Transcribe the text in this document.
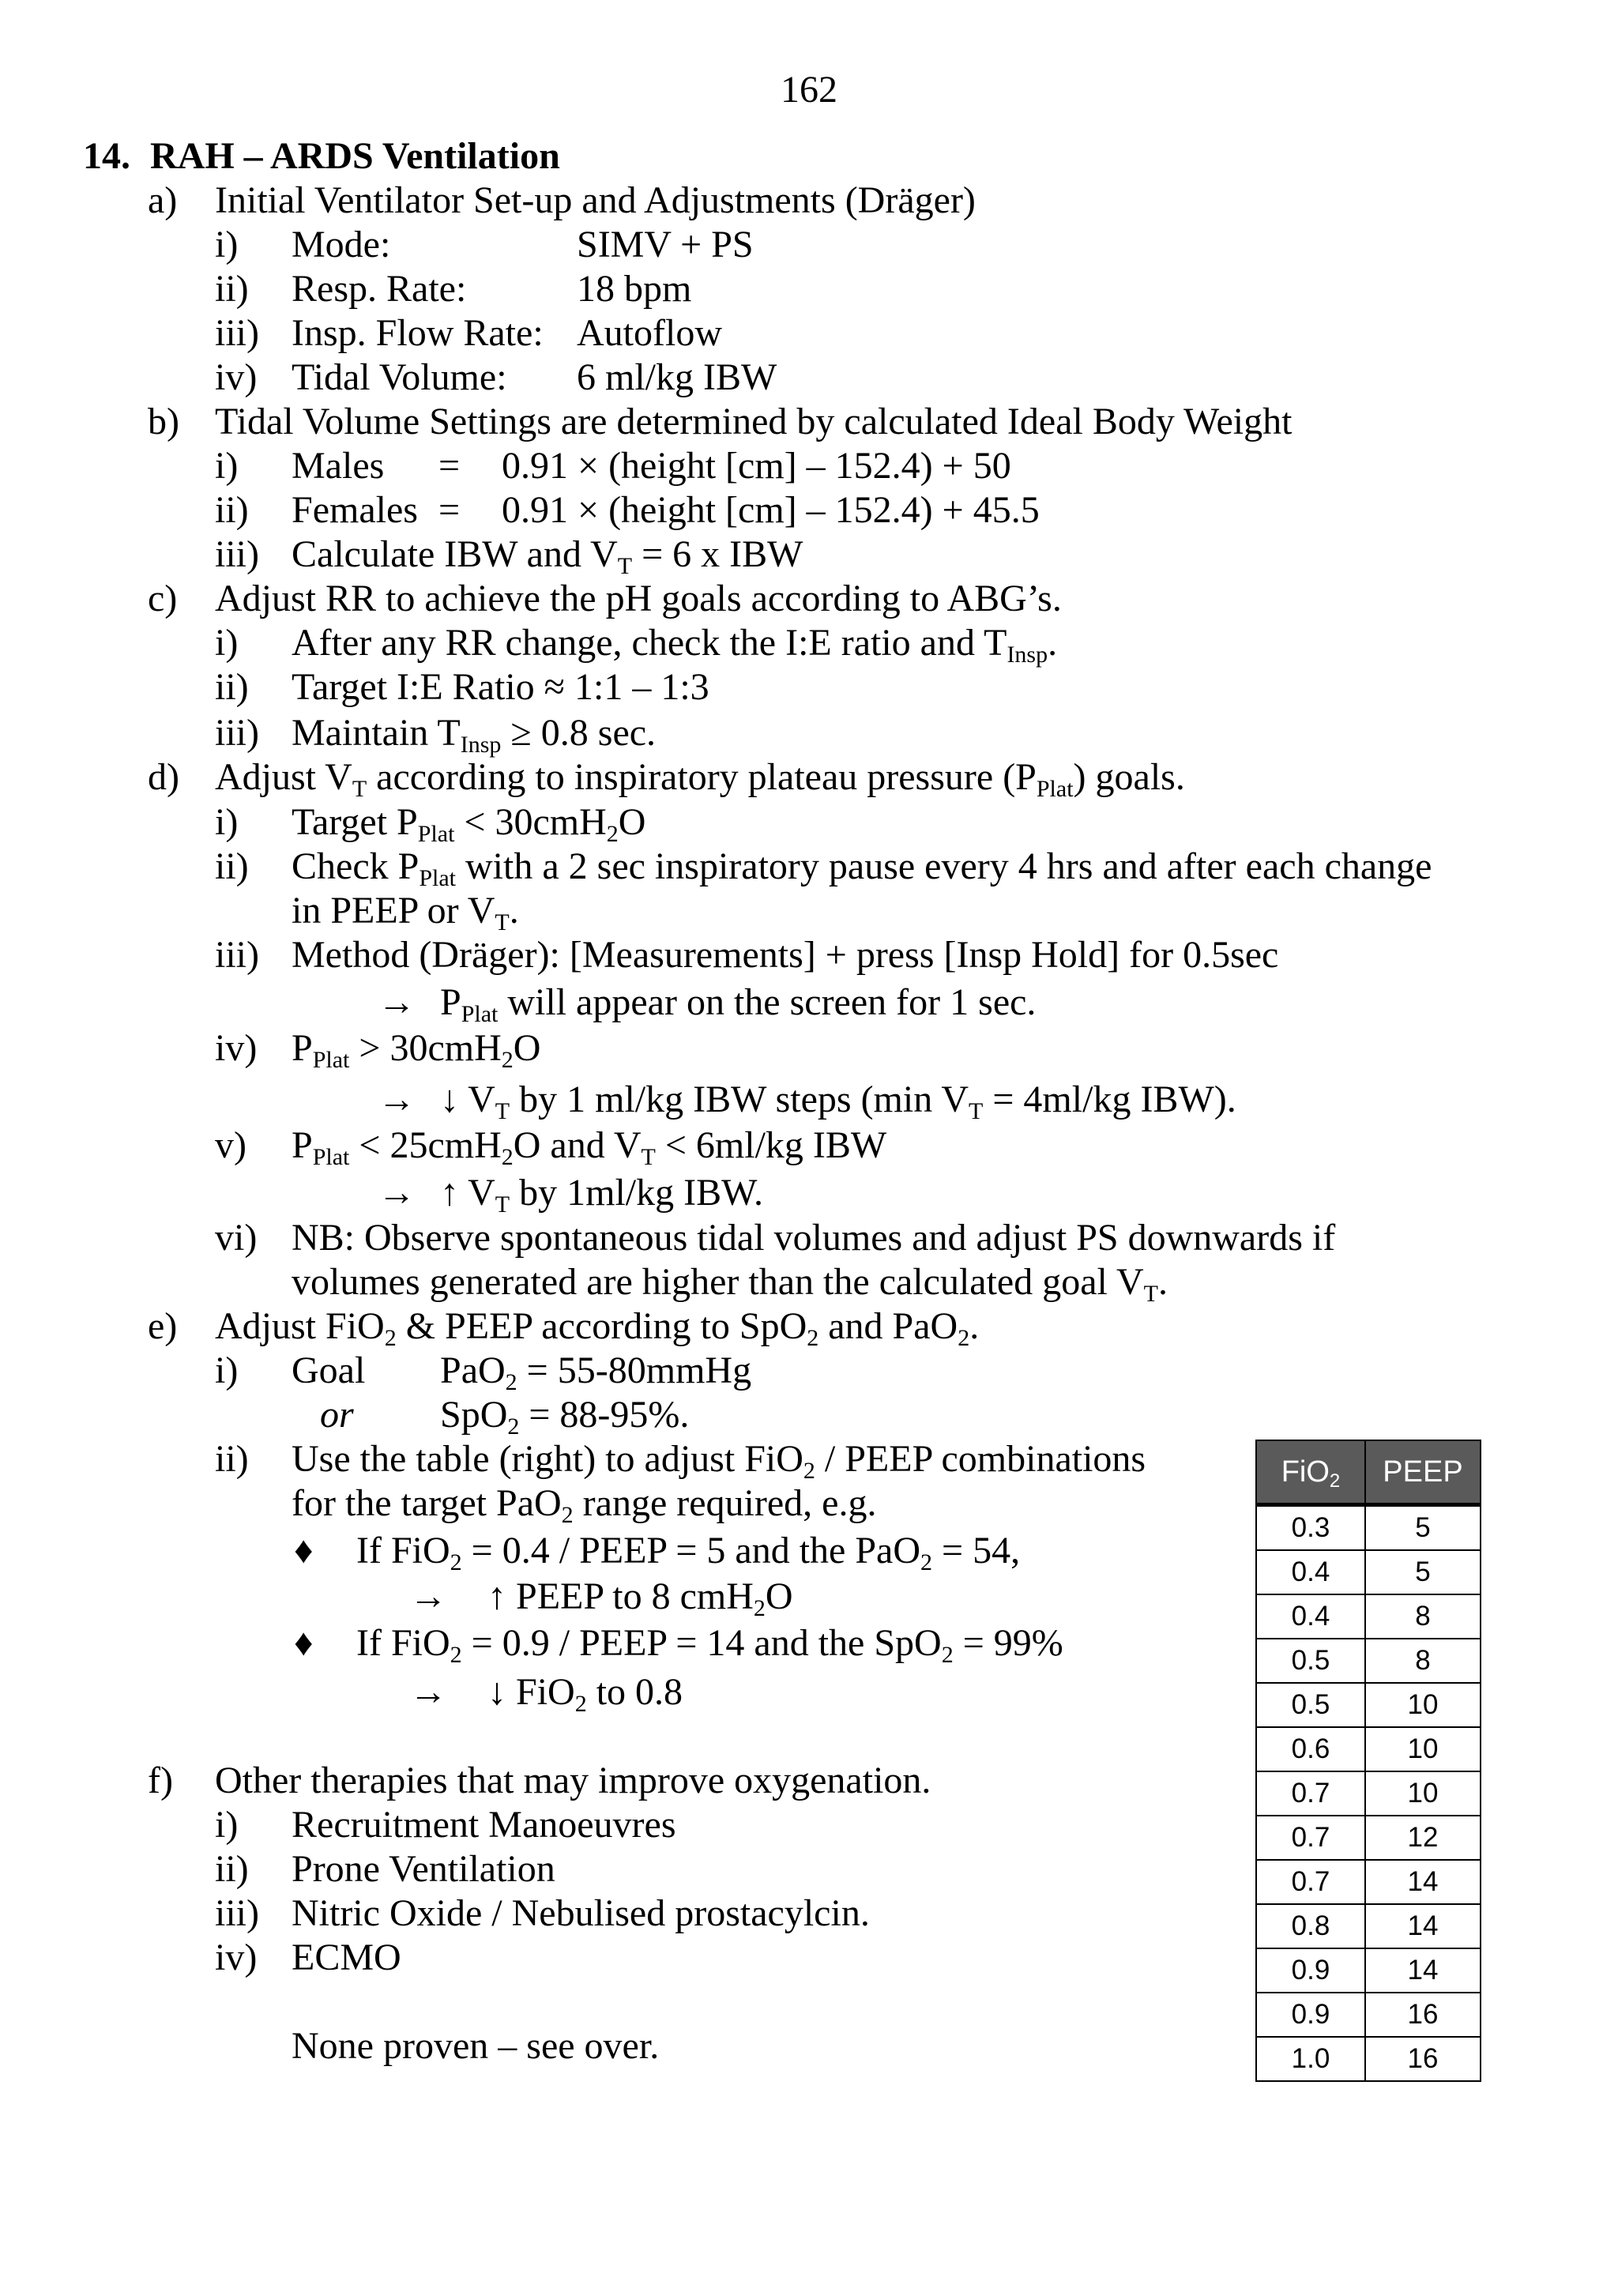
162
14. RAH – ARDS Ventilation
a) Initial Ventilator Set-up and Adjustments (Dräger)
i) Mode:	SIMV + PS
ii) Resp. Rate:	18 bpm
iii) Insp. Flow Rate: Autoflow
iv) Tidal Volume: 6 ml/kg IBW
b) Tidal Volume Settings are determined by calculated Ideal Body Weight
i) Males = 0.91 × (height [cm] – 152.4) + 50
ii) Females = 0.91 × (height [cm] – 152.4) + 45.5
iii) Calculate IBW and $V_T = 6$ x IBW
c) Adjust RR to achieve the pH goals according to ABG’s.
i) After any RR change, check the I:E ratio and $T_{Insp}$.
ii) Target I:E Ratio ≈ 1:1 – 1:3
iii) Maintain $T_{Insp} \ge 0.8$ sec.
d) Adjust $V_T$ according to inspiratory plateau pressure $(P_{Plat})$ goals.
i) Target $P_{Plat} < 30cmH_2O$
ii) Check $P_{Plat}$ with a 2 sec inspiratory pause every 4 hrs and after each change
in PEEP or $V_T$.
iii) Method (Dräger): [Measurements] + press [Insp Hold] for 0.5sec
→ $P_{Plat}$ will appear on the screen for 1 sec.
iv) $P_{Plat} > 30cmH_2O$
→ ↓ $V_T$ by 1 ml/kg IBW steps (min $V_T = 4ml/kg$ IBW).
v) $P_{Plat} < 25cmH_2O$ and $V_T < 6ml/kg$ IBW
→ ↑ $V_T$ by 1ml/kg IBW.
vi) NB: Observe spontaneous tidal volumes and adjust PS downwards if
volumes generated are higher than the calculated goal $V_T$.
e) Adjust FiO$_2$ & PEEP according to SpO$_2$ and PaO$_2$.
i) Goal PaO$_2$ = 55-80mmHg
or SpO$_2$ = 88-95%.
ii) Use the table (right) to adjust FiO$_2$ / PEEP combinations
for the target PaO$_2$ range required, e.g.
♦ If FiO$_2$ = 0.4 / PEEP = 5 and the PaO$_2$ = 54,
→ ↑ PEEP to 8 cmH$_2$O
♦ If FiO$_2$ = 0.9 / PEEP = 14 and the SpO$_2$ = 99%
→ ↓ FiO$_2$ to 0.8
f) Other therapies that may improve oxygenation.
i) Recruitment Manoeuvres
ii) Prone Ventilation
iii) Nitric Oxide / Nebulised prostacylcin.
iv) ECMO
None proven – see over.
FiO$_2$	PEEP
0.3	5
0.4	5
0.4	8
0.5	8
0.5	10
0.6	10
0.7	10
0.7	12
0.7	14
0.8	14
0.9	14
0.9	16
1.0	16
